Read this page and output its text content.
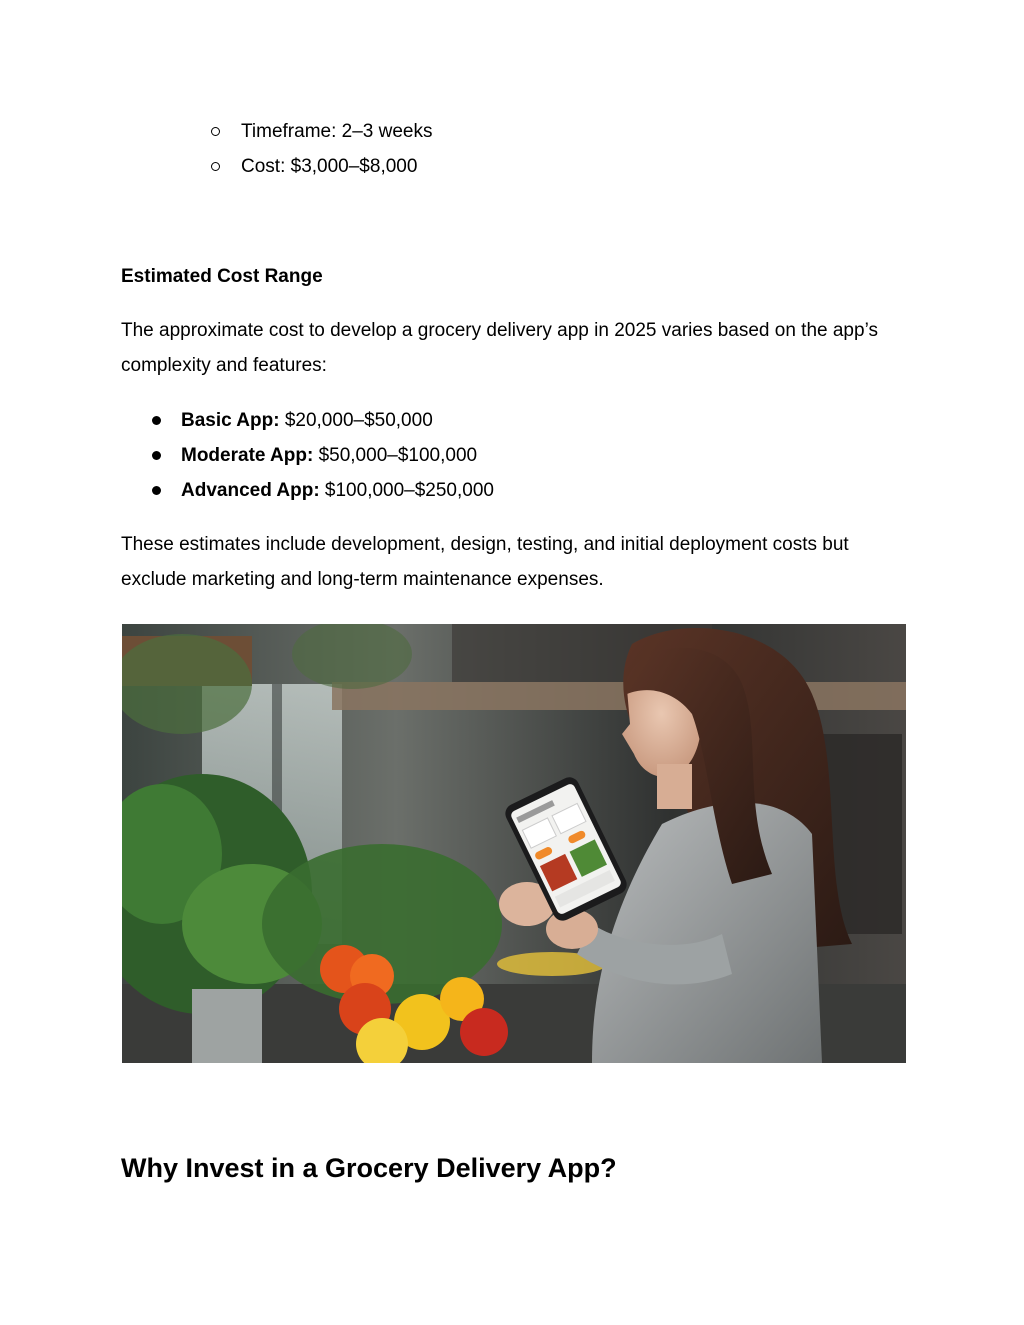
Timeframe: 2–3 weeks
Cost: $3,000–$8,000
Estimated Cost Range

The approximate cost to develop a grocery delivery app in 2025 varies based on the app’s complexity and features:

Basic App: $20,000–$50,000
Moderate App: $50,000–$100,000
Advanced App: $100,000–$250,000

These estimates include development, design, testing, and initial deployment costs but exclude marketing and long-term maintenance expenses.

Why Invest in a Grocery Delivery App?
